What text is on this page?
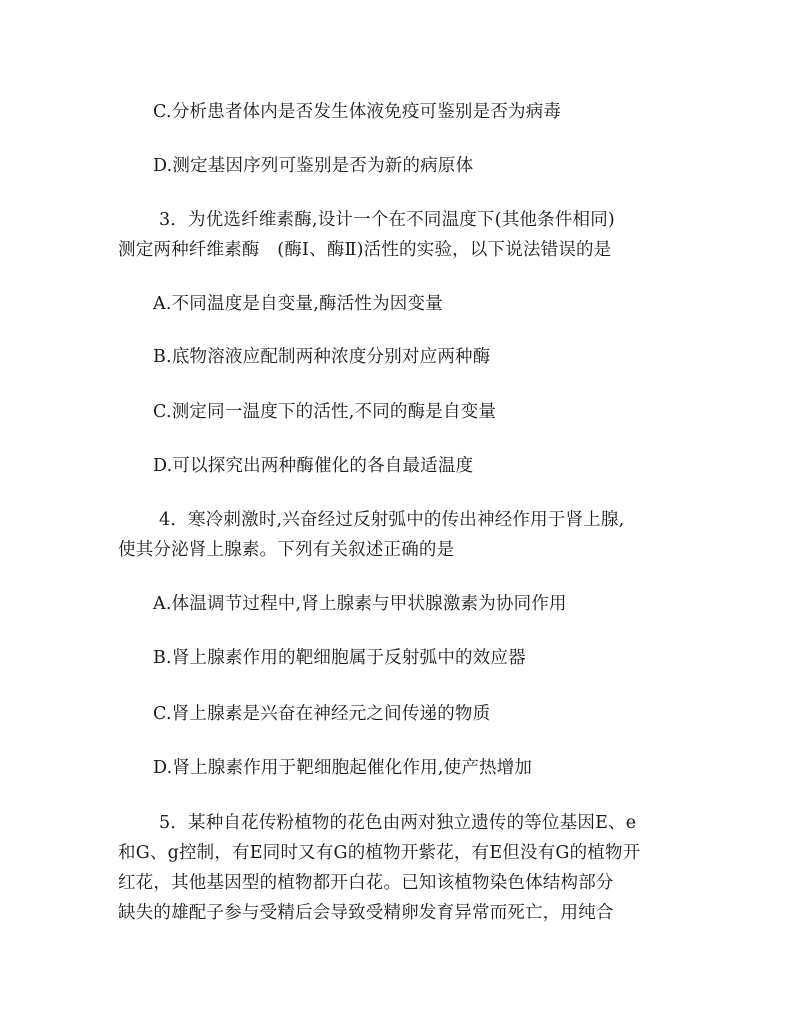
C.分析患者体内是否发生体液免疫可鉴别是否为病毒
D.测定基因序列可鉴别是否为新的病原体
3．为优选纤维素酶,设计一个在不同温度下(其他条件相同)
测定两种纤维素酶　(酶Ⅰ、酶Ⅱ)活性的实验，以下说法错误的是
A.不同温度是自变量,酶活性为因变量
B.底物溶液应配制两种浓度分别对应两种酶
C.测定同一温度下的活性,不同的酶是自变量
D.可以探究出两种酶催化的各自最适温度
4．寒冷刺激时,兴奋经过反射弧中的传出神经作用于肾上腺,
使其分泌肾上腺素。下列有关叙述正确的是
A.体温调节过程中,肾上腺素与甲状腺激素为协同作用
B.肾上腺素作用的靶细胞属于反射弧中的效应器
C.肾上腺素是兴奋在神经元之间传递的物质
D.肾上腺素作用于靶细胞起催化作用,使产热增加
5．某种自花传粉植物的花色由两对独立遗传的等位基因E、e
和G、g控制，有E同时又有G的植物开紫花，有E但没有G的植物开
红花，其他基因型的植物都开白花。已知该植物染色体结构部分
缺失的雄配子参与受精后会导致受精卵发育异常而死亡，用纯合
